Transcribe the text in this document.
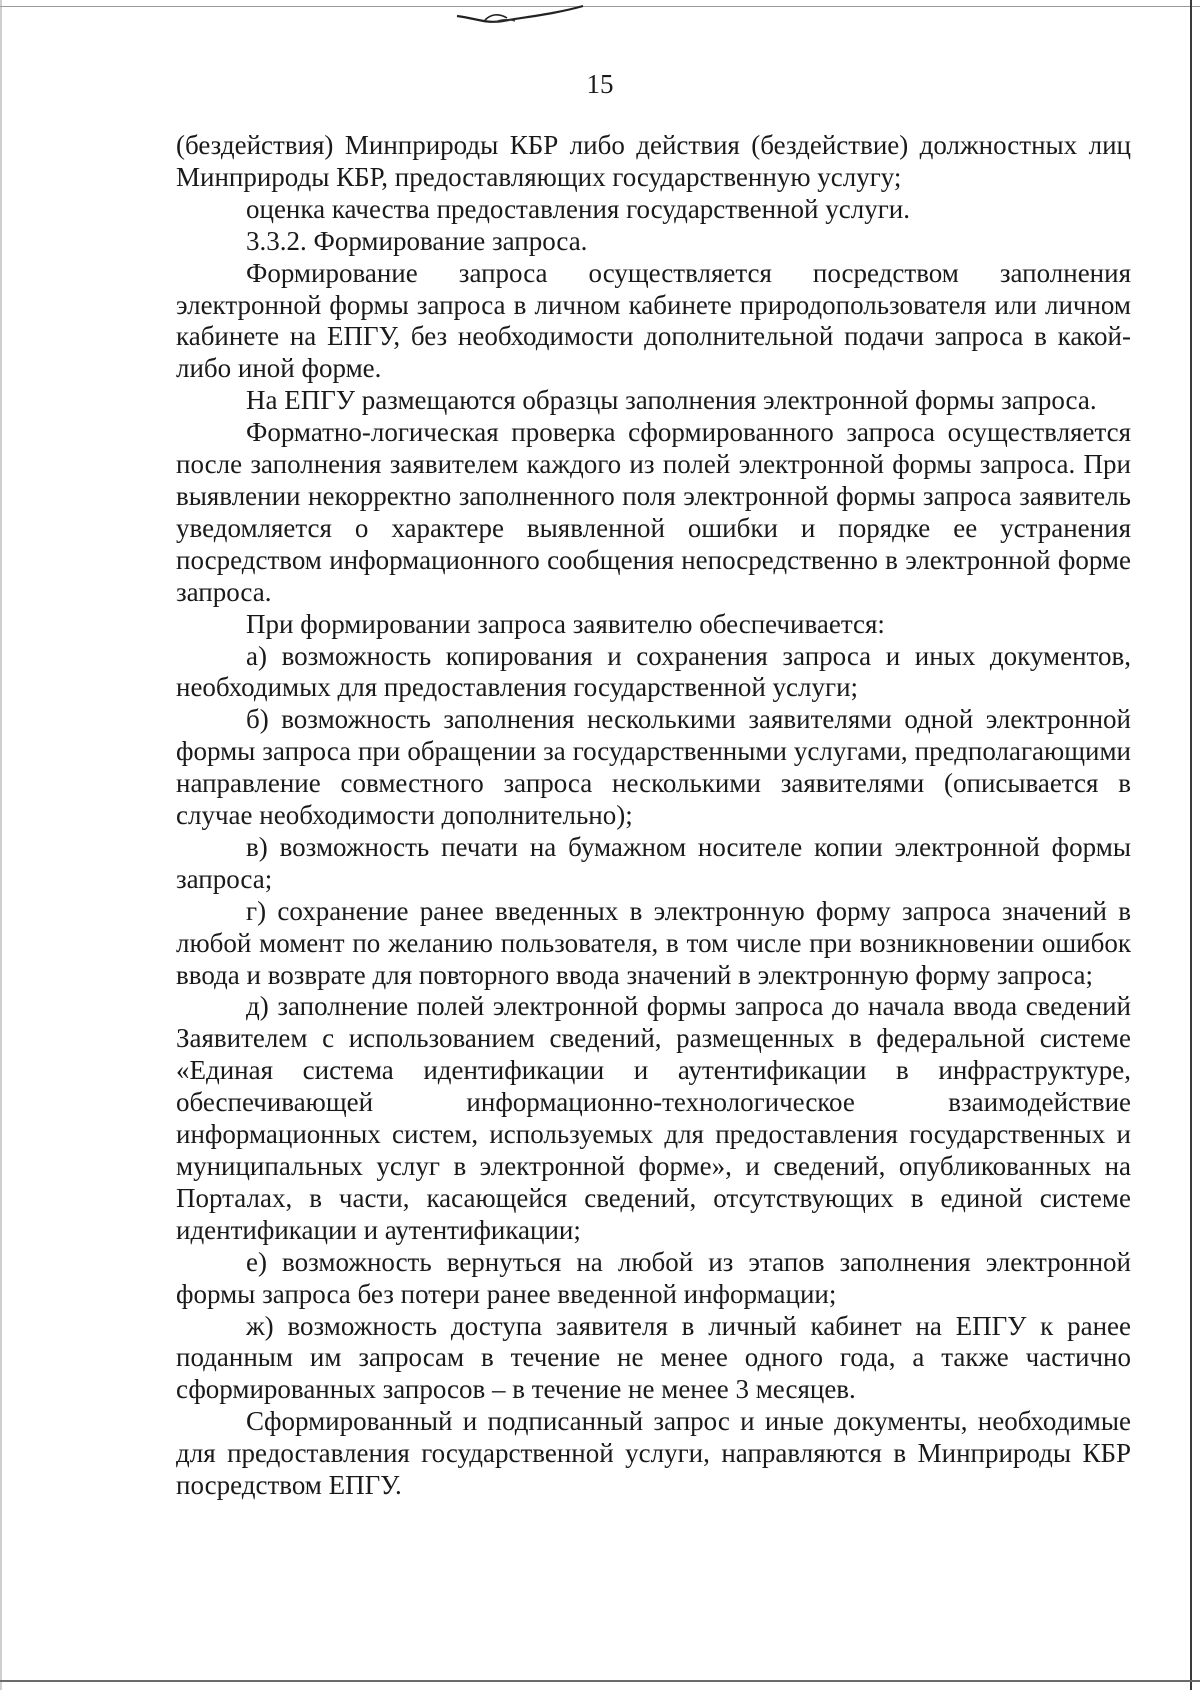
15

(бездействия) Минприроды КБР либо действия (бездействие) должностных лиц Минприроды КБР, предоставляющих государственную услугу;

оценка качества предоставления государственной услуги.

3.3.2. Формирование запроса.

Формирование запроса осуществляется посредством заполнения электронной формы запроса в личном кабинете природопользователя или личном кабинете на ЕПГУ, без необходимости дополнительной подачи запроса в какой-либо иной форме.

На ЕПГУ размещаются образцы заполнения электронной формы запроса.

Форматно-логическая проверка сформированного запроса осуществляется после заполнения заявителем каждого из полей электронной формы запроса. При выявлении некорректно заполненного поля электронной формы запроса заявитель уведомляется о характере выявленной ошибки и порядке ее устранения посредством информационного сообщения непосредственно в электронной форме запроса.

При формировании запроса заявителю обеспечивается:

а) возможность копирования и сохранения запроса и иных документов, необходимых для предоставления государственной услуги;

б) возможность заполнения несколькими заявителями одной электронной формы запроса при обращении за государственными услугами, предполагающими направление совместного запроса несколькими заявителями (описывается в случае необходимости дополнительно);

в) возможность печати на бумажном носителе копии электронной формы запроса;

г) сохранение ранее введенных в электронную форму запроса значений в любой момент по желанию пользователя, в том числе при возникновении ошибок ввода и возврате для повторного ввода значений в электронную форму запроса;

д) заполнение полей электронной формы запроса до начала ввода сведений Заявителем с использованием сведений, размещенных в федеральной системе «Единая система идентификации и аутентификации в инфраструктуре, обеспечивающей информационно-технологическое взаимодействие информационных систем, используемых для предоставления государственных и муниципальных услуг в электронной форме», и сведений, опубликованных на Порталах, в части, касающейся сведений, отсутствующих в единой системе идентификации и аутентификации;

е) возможность вернуться на любой из этапов заполнения электронной формы запроса без потери ранее введенной информации;

ж) возможность доступа заявителя в личный кабинет на ЕПГУ к ранее поданным им запросам в течение не менее одного года, а также частично сформированных запросов – в течение не менее 3 месяцев.

Сформированный и подписанный запрос и иные документы, необходимые для предоставления государственной услуги, направляются в Минприроды КБР посредством ЕПГУ.
